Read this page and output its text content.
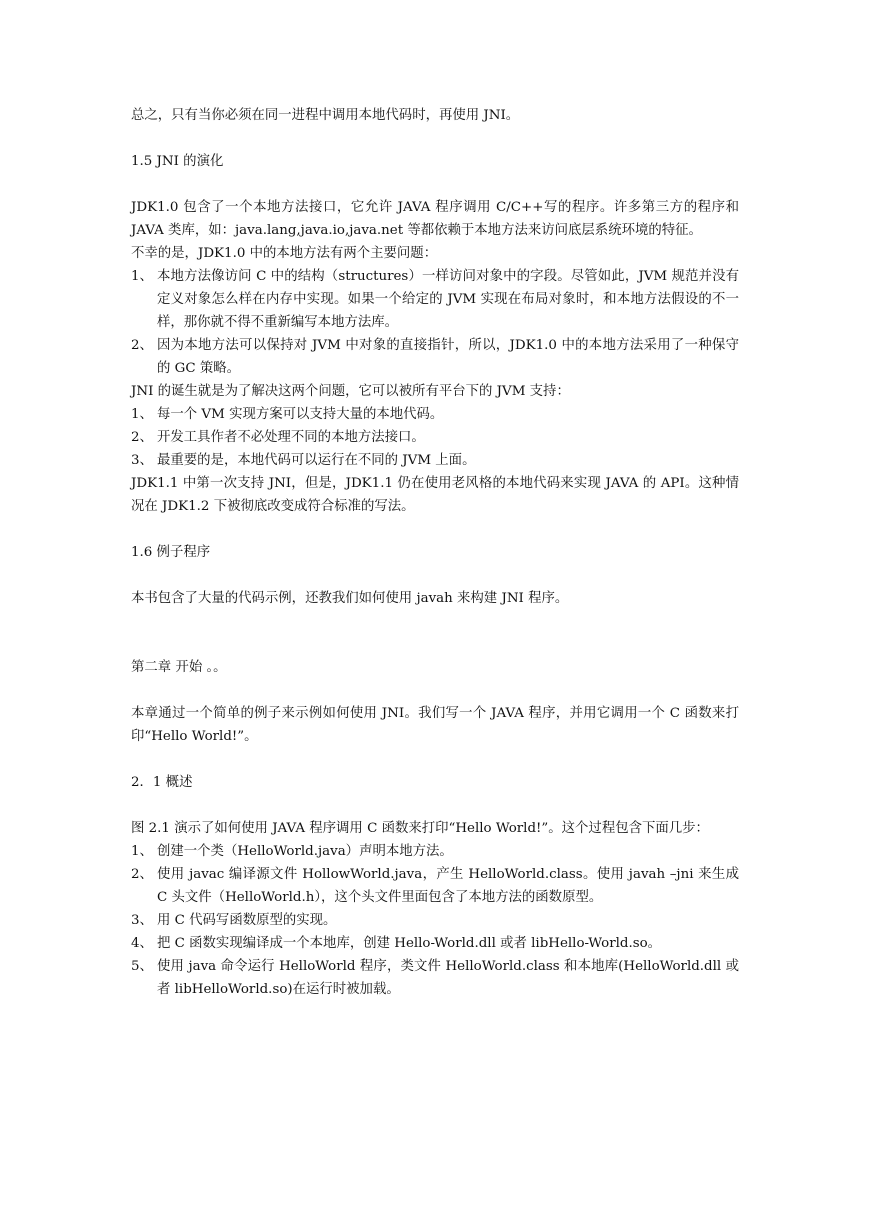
总之，只有当你必须在同一进程中调用本地代码时，再使用 JNI。

1.5 JNI 的演化

JDK1.0 包含了一个本地方法接口，它允许 JAVA 程序调用 C/C++写的程序。许多第三方的程序和 JAVA 类库，如：java.lang,java.io,java.net 等都依赖于本地方法来访问底层系统环境的特征。

不幸的是，JDK1.0 中的本地方法有两个主要问题：

1、 本地方法像访问 C 中的结构（structures）一样访问对象中的字段。尽管如此，JVM 规范并没有定义对象怎么样在内存中实现。如果一个给定的 JVM 实现在布局对象时，和本地方法假设的不一样，那你就不得不重新编写本地方法库。

2、 因为本地方法可以保持对 JVM 中对象的直接指针，所以，JDK1.0 中的本地方法采用了一种保守的 GC 策略。

JNI 的诞生就是为了解决这两个问题，它可以被所有平台下的 JVM 支持：

1、 每一个 VM 实现方案可以支持大量的本地代码。

2、 开发工具作者不必处理不同的本地方法接口。

3、 最重要的是，本地代码可以运行在不同的 JVM 上面。

JDK1.1 中第一次支持 JNI，但是，JDK1.1 仍在使用老风格的本地代码来实现 JAVA 的 API。这种情况在 JDK1.2 下被彻底改变成符合标准的写法。

1.6 例子程序

本书包含了大量的代码示例，还教我们如何使用 javah 来构建 JNI 程序。

第二章 开始 。。

本章通过一个简单的例子来示例如何使用 JNI。我们写一个 JAVA 程序，并用它调用一个 C 函数来打印“Hello World!”。

2．1 概述

图 2.1 演示了如何使用 JAVA 程序调用 C 函数来打印“Hello World!”。这个过程包含下面几步：

1、 创建一个类（HelloWorld.java）声明本地方法。

2、 使用 javac 编译源文件 HollowWorld.java，产生 HelloWorld.class。使用 javah –jni 来生成 C 头文件（HelloWorld.h），这个头文件里面包含了本地方法的函数原型。

3、 用 C 代码写函数原型的实现。

4、 把 C 函数实现编译成一个本地库，创建 Hello-World.dll 或者 libHello-World.so。

5、 使用 java 命令运行 HelloWorld 程序，类文件 HelloWorld.class 和本地库(HelloWorld.dll 或者 libHelloWorld.so)在运行时被加载。
